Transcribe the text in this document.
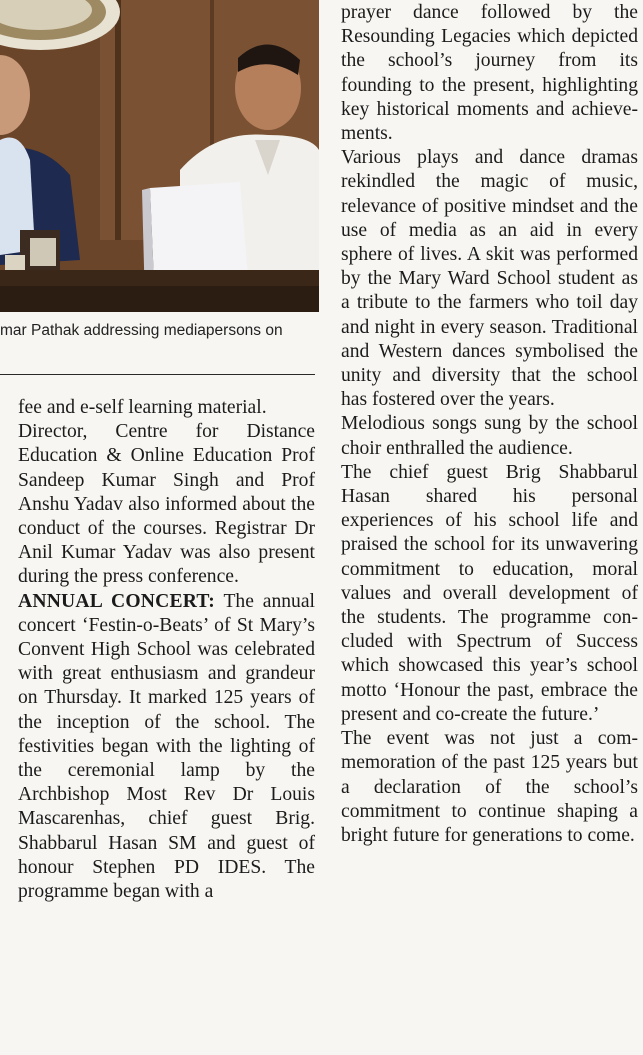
mar Pathak addressing mediapersons on

fee and e-self learning material.

Director, Centre for Distance Education & Online Education Prof Sandeep Kumar Singh and Prof Anshu Yadav also informed about the conduct of the courses. Registrar Dr Anil Kumar Yadav was also present during the press conference.

ANNUAL CONCERT: The annual concert ‘Festin-o-Beats’ of St Mary’s Convent High School was celebrated with great enthusiasm and grandeur on Thursday. It marked 125 years of the inception of the school. The festivities began with the lighting of the ceremonial lamp by the Archbishop Most Rev Dr Louis Mascarenhas, chief guest Brig. Shabbarul Hasan SM and guest of honour Stephen PD IDES. The programme began with a

prayer dance followed by the Resounding Legacies which depicted the school’s journey from its founding to the present, highlighting key historical moments and achievements.

Various plays and dance dramas rekindled the magic of music, relevance of positive mindset and the use of media as an aid in every sphere of lives. A skit was performed by the Mary Ward School student as a tribute to the farmers who toil day and night in every season. Traditional and Western dances symbolised the unity and diversity that the school has fostered over the years.

Melodious songs sung by the school choir enthralled the audience.

The chief guest Brig Shabbarul Hasan shared his personal experiences of his school life and praised the school for its unwavering commitment to education, moral values and overall development of the students. The programme concluded with Spectrum of Success which showcased this year’s school motto ‘Honour the past, embrace the present and co-create the future.’

The event was not just a commemoration of the past 125 years but a declaration of the school’s commitment to continue shaping a bright future for generations to come.
